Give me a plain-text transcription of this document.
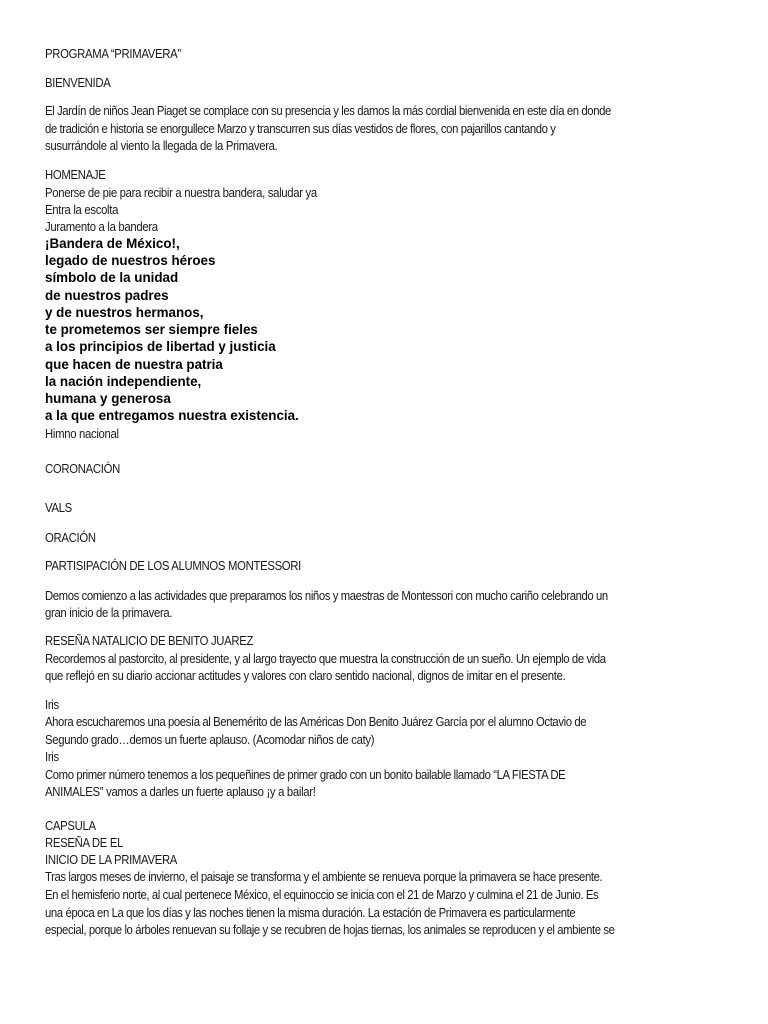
PROGRAMA “PRIMAVERA”

BIENVENIDA

El Jardín de niños Jean Piaget se complace con su presencia y les damos la más cordial bienvenida en este día en donde

de tradición e historia se enorgullece Marzo y transcurren sus días vestidos de flores, con pajarillos cantando y

susurrándole al viento la llegada de la Primavera.

HOMENAJE

Ponerse de pie para recibir a nuestra bandera, saludar ya

Entra la escolta

Juramento a la bandera

¡Bandera de México!,

legado de nuestros héroes

símbolo de la unidad

de nuestros padres

y de nuestros hermanos,

te prometemos ser siempre fieles

a los principios de libertad y justicia

que hacen de nuestra patria

la nación independiente,

humana y generosa

a la que entregamos nuestra existencia.

Himno nacional

CORONACIÓN

VALS

ORACIÓN

PARTISIPACIÓN DE LOS ALUMNOS MONTESSORI

Demos comienzo a las actividades que preparamos los niños y maestras de Montessori con mucho cariño celebrando un

gran inicio de la primavera.

RESEÑA NATALICIO DE BENITO JUAREZ

Recordemos al pastorcito, al presidente, y al largo trayecto que muestra la construcción de un sueño. Un ejemplo de vida

que reflejó en su diario accionar actitudes y valores con claro sentido nacional, dignos de imitar en el presente.

Iris

Ahora escucharemos una poesía al Benemérito de las Américas Don Benito Juárez García por el alumno Octavio de

Segundo grado…demos un fuerte aplauso. (Acomodar niños de caty)

Iris

Como primer número tenemos a los pequeñines de primer grado con un bonito bailable llamado “LA FIESTA DE

ANIMALES” vamos a darles un fuerte aplauso ¡y a bailar!

CAPSULA

RESEÑA DE EL

INICIO DE LA PRIMAVERA

Tras largos meses de invierno, el paisaje se transforma y el ambiente se renueva porque la primavera se hace presente.

En el hemisferio norte, al cual pertenece México, el equinoccio se inicia con el 21 de Marzo y culmina el 21 de Junio. Es

una época en La que los días y las noches tienen la misma duración. La estación de Primavera es particularmente

especial, porque lo árboles renuevan su follaje y se recubren de hojas tiernas, los animales se reproducen y el ambiente se
